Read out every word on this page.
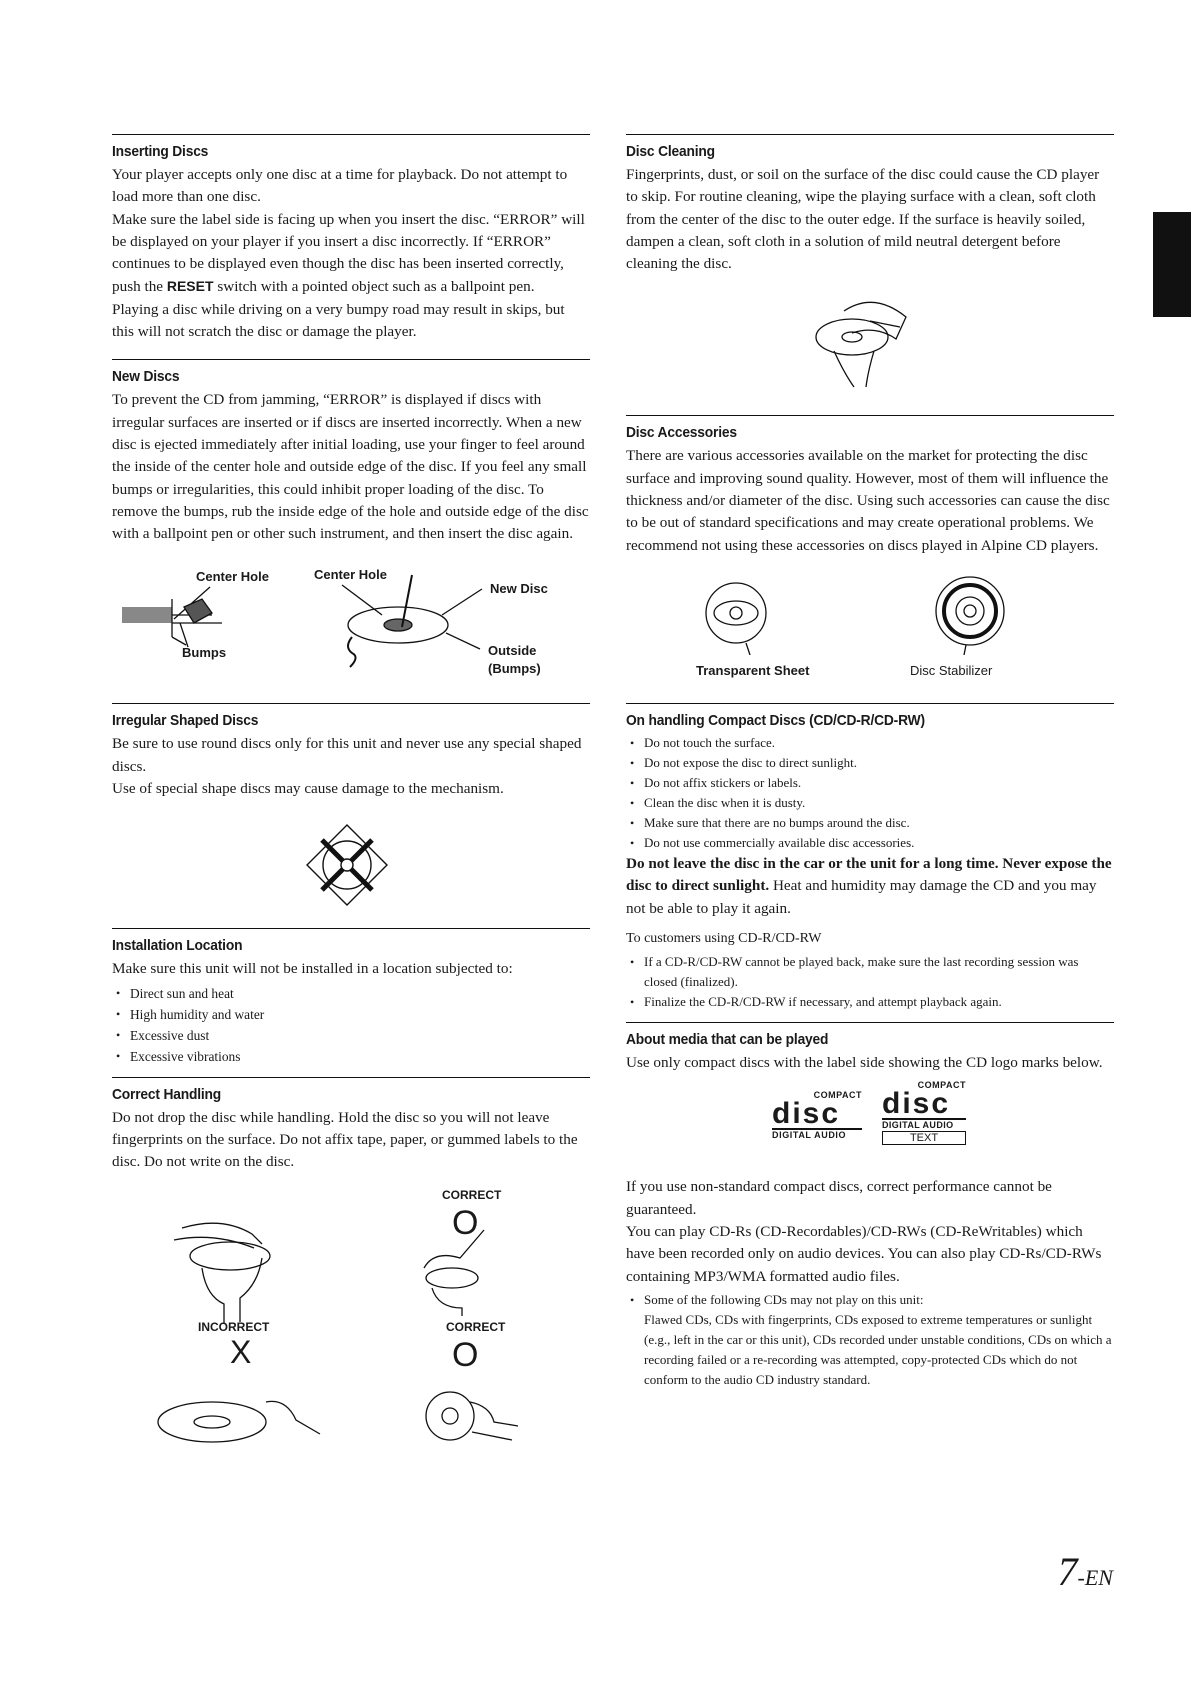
Inserting Discs

Your player accepts only one disc at a time for playback. Do not attempt to load more than one disc.

Make sure the label side is facing up when you insert the disc. “ERROR” will be displayed on your player if you insert a disc incorrectly. If “ERROR” continues to be displayed even though the disc has been inserted correctly, push the RESET switch with a pointed object such as a ballpoint pen.

Playing a disc while driving on a very bumpy road may result in skips, but this will not scratch the disc or damage the player.

New Discs

To prevent the CD from jamming, “ERROR” is displayed if discs with irregular surfaces are inserted or if discs are inserted incorrectly. When a new disc is ejected immediately after initial loading, use your finger to feel around the inside of the center hole and outside edge of the disc. If you feel any small bumps or irregularities, this could inhibit proper loading of the disc. To remove the bumps, rub the inside edge of the hole and outside edge of the disc with a ballpoint pen or other such instrument, and then insert the disc again.

Center Hole	Center Hole
New Disc
Bumps	Outside
(Bumps)
Irregular Shaped Discs

Be sure to use round discs only for this unit and never use any special shaped discs.

Use of special shape discs may cause damage to the mechanism.

Installation Location

Make sure this unit will not be installed in a location subjected to:

• Direct sun and heat
• High humidity and water
• Excessive dust
• Excessive vibrations
Correct Handling

Do not drop the disc while handling. Hold the disc so you will not leave fingerprints on the surface. Do not affix tape, paper, or gummed labels to the disc. Do not write on the disc.

CORRECT
INCORRECT	CORRECT
O
X	O
Disc Cleaning

Fingerprints, dust, or soil on the surface of the disc could cause the CD player to skip. For routine cleaning, wipe the playing surface with a clean, soft cloth from the center of the disc to the outer edge. If the surface is heavily soiled, dampen a clean, soft cloth in a solution of mild neutral detergent before cleaning the disc.

Disc Accessories

There are various accessories available on the market for protecting the disc surface and improving sound quality. However, most of them will influence the thickness and/or diameter of the disc. Using such accessories can cause the disc to be out of standard specifications and may create operational problems. We recommend not using these accessories on discs played in Alpine CD players.

Transparent Sheet	Disc Stabilizer
On handling Compact Discs (CD/CD-R/CD-RW)
• Do not touch the surface.
• Do not expose the disc to direct sunlight.
• Do not affix stickers or labels.
• Clean the disc when it is dusty.
• Make sure that there are no bumps around the disc.
• Do not use commercially available disc accessories.

Do not leave the disc in the car or the unit for a long time. Never expose the disc to direct sunlight. Heat and humidity may damage the CD and you may not be able to play it again.

To customers using CD-R/CD-RW

• If a CD-R/CD-RW cannot be played back, make sure the last recording session was closed (finalized).
• Finalize the CD-R/CD-RW if necessary, and attempt playback again.
About media that can be played

Use only compact discs with the label side showing the CD logo marks below.

COMPACT
disc
DIGITAL AUDIO
COMPACT
disc
DIGITAL AUDIO
TEXT

If you use non-standard compact discs, correct performance cannot be guaranteed.

You can play CD-Rs (CD-Recordables)/CD-RWs (CD-ReWritables) which have been recorded only on audio devices. You can also play CD-Rs/CD-RWs containing MP3/WMA formatted audio files.

• Some of the following CDs may not play on this unit:
Flawed CDs, CDs with fingerprints, CDs exposed to extreme temperatures or sunlight (e.g., left in the car or this unit), CDs recorded under unstable conditions, CDs on which a recording failed or a re-recording was attempted, copy-protected CDs which do not conform to the audio CD industry standard.
7-EN
